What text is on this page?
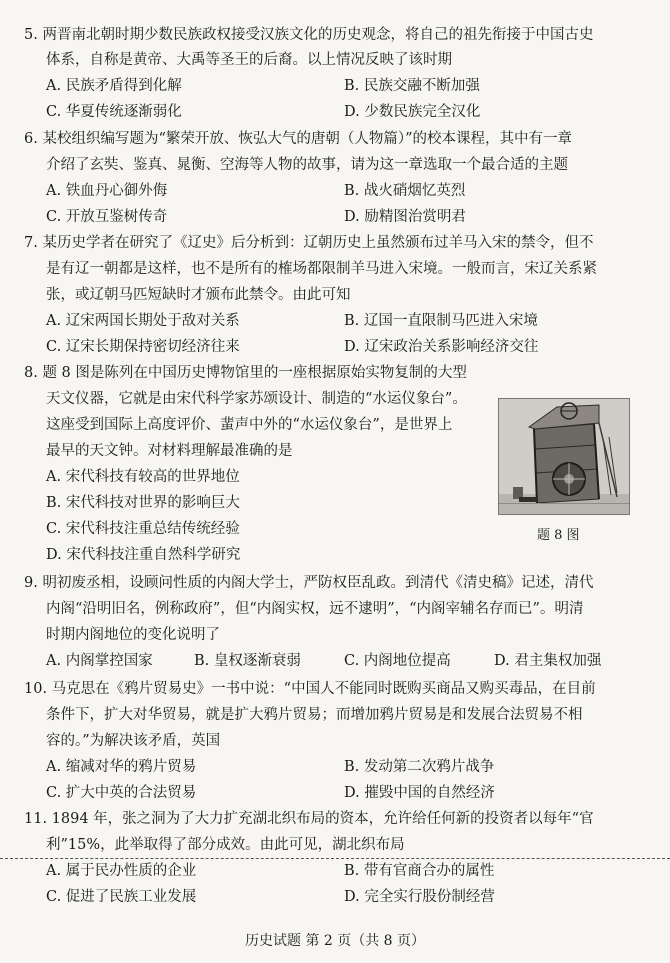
5. 两晋南北朝时期少数民族政权接受汉族文化的历史观念，将自己的祖先衔接于中国古史
体系，自称是黄帝、大禹等圣王的后裔。以上情况反映了该时期
A. 民族矛盾得到化解	B. 民族交融不断加强
C. 华夏传统逐渐弱化	D. 少数民族完全汉化
6. 某校组织编写题为“繁荣开放、恢弘大气的唐朝（人物篇）”的校本课程，其中有一章
介绍了玄奘、鉴真、晁衡、空海等人物的故事，请为这一章选取一个最合适的主题
A. 铁血丹心御外侮	B. 战火硝烟忆英烈
C. 开放互鉴树传奇	D. 励精图治赏明君
7. 某历史学者在研究了《辽史》后分析到：辽朝历史上虽然颁布过羊马入宋的禁令，但不
是有辽一朝都是这样，也不是所有的榷场都限制羊马进入宋境。一般而言，宋辽关系紧
张，或辽朝马匹短缺时才颁布此禁令。由此可知
A. 辽宋两国长期处于敌对关系	B. 辽国一直限制马匹进入宋境
C. 辽宋长期保持密切经济往来	D. 辽宋政治关系影响经济交往
8. 题 8 图是陈列在中国历史博物馆里的一座根据原始实物复制的大型
天文仪器，它就是由宋代科学家苏颂设计、制造的“水运仪象台”。
这座受到国际上高度评价、蜚声中外的“水运仪象台”，是世界上
最早的天文钟。对材料理解最准确的是
A. 宋代科技有较高的世界地位
B. 宋代科技对世界的影响巨大
C. 宋代科技注重总结传统经验
D. 宋代科技注重自然科学研究
题 8 图
9. 明初废丞相，设顾问性质的内阁大学士，严防权臣乱政。到清代《清史稿》记述，清代
内阁“沿明旧名，例称政府”，但“内阁实权，远不逮明”，“内阁宰辅名存而已”。明清
时期内阁地位的变化说明了
A. 内阁掌控国家	B. 皇权逐渐衰弱	C. 内阁地位提高	D. 君主集权加强
10. 马克思在《鸦片贸易史》一书中说：“中国人不能同时既购买商品又购买毒品，在目前
条件下，扩大对华贸易，就是扩大鸦片贸易；而增加鸦片贸易是和发展合法贸易不相
容的。”为解决该矛盾，英国
A. 缩减对华的鸦片贸易	B. 发动第二次鸦片战争
C. 扩大中英的合法贸易	D. 摧毁中国的自然经济
11. 1894 年，张之洞为了大力扩充湖北织布局的资本，允许给任何新的投资者以每年“官
利”15%，此举取得了部分成效。由此可见，湖北织布局
A. 属于民办性质的企业	B. 带有官商合办的属性
C. 促进了民族工业发展	D. 完全实行股份制经营
历史试题 第 2 页（共 8 页）
